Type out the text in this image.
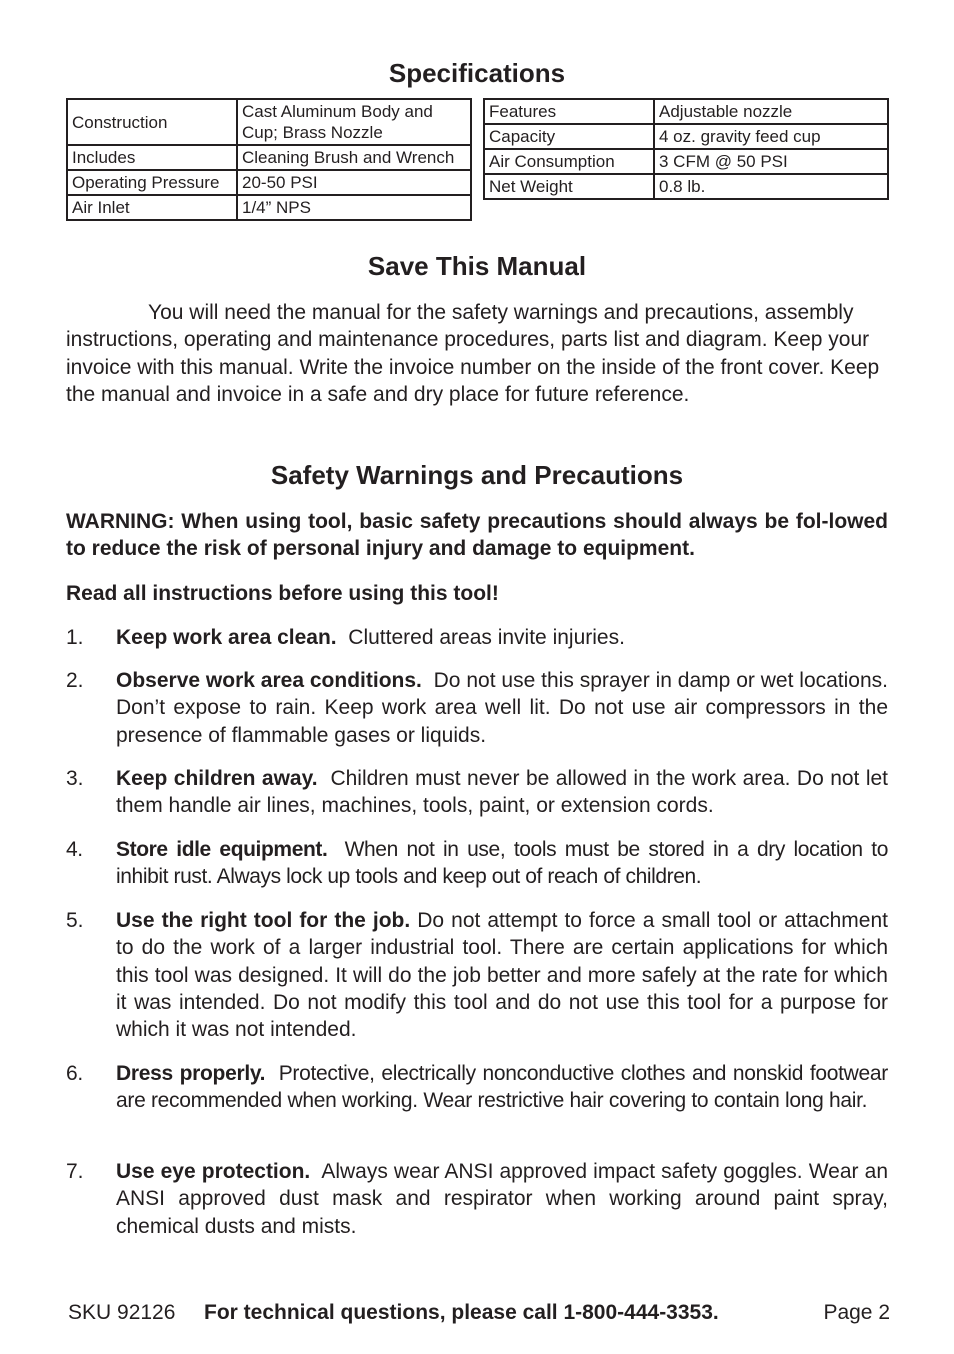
Specifications
Construction	Cast Aluminum Body and Cup; Brass Nozzle
Includes	Cleaning Brush and Wrench
Operating Pressure	20-50 PSI
Air Inlet	1/4” NPS
Features	Adjustable nozzle
Capacity	4 oz. gravity feed cup
Air Consumption	3 CFM @ 50 PSI
Net Weight	0.8 lb.
Save This Manual
You will need the manual for the safety warnings and precautions, assembly instructions, operating and maintenance procedures, parts list and diagram. Keep your invoice with this manual. Write the invoice number on the inside of the front cover. Keep the manual and invoice in a safe and dry place for future reference.
Safety Warnings and Precautions
WARNING: When using tool, basic safety precautions should always be fol-lowed to reduce the risk of personal injury and damage to equipment.
Read all instructions before using this tool!
1. Keep work area clean. Cluttered areas invite injuries.
2. Observe work area conditions. Do not use this sprayer in damp or wet locations. Don’t expose to rain. Keep work area well lit. Do not use air compressors in the presence of flammable gases or liquids.
3. Keep children away. Children must never be allowed in the work area. Do not let them handle air lines, machines, tools, paint, or extension cords.
4. Store idle equipment. When not in use, tools must be stored in a dry location to inhibit rust. Always lock up tools and keep out of reach of children.
5. Use the right tool for the job. Do not attempt to force a small tool or attachment to do the work of a larger industrial tool. There are certain applications for which this tool was designed. It will do the job better and more safely at the rate for which it was intended. Do not modify this tool and do not use this tool for a purpose for which it was not intended.
6. Dress properly. Protective, electrically nonconductive clothes and nonskid footwear are recommended when working. Wear restrictive hair covering to contain long hair.
7. Use eye protection. Always wear ANSI approved impact safety goggles. Wear an ANSI approved dust mask and respirator when working around paint spray, chemical dusts and mists.
SKU 92126 For technical questions, please call 1-800-444-3353.	Page 2
